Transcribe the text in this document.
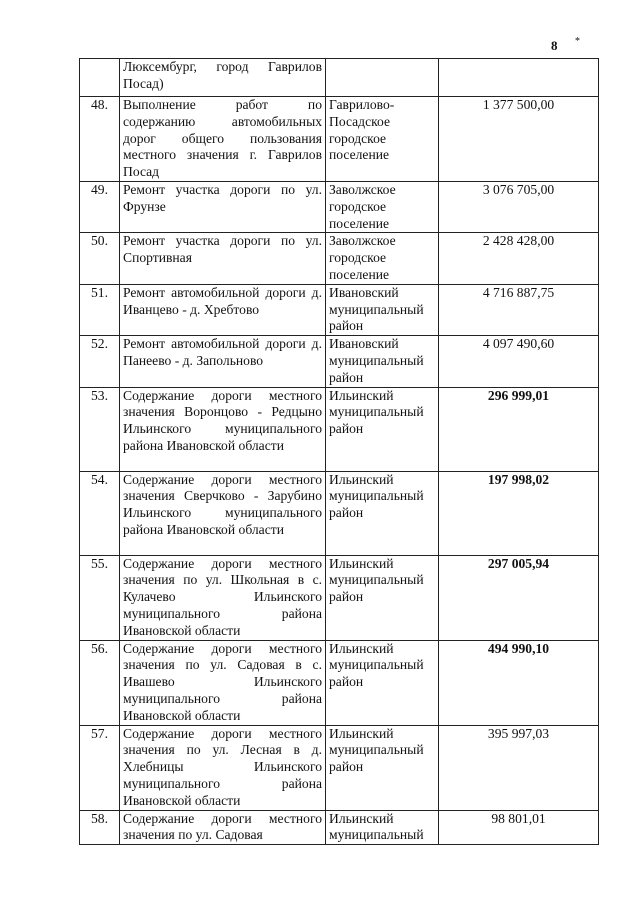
8 *
	Люксембург, город Гаврилов Посад)		
48.	Выполнение работ по содержанию автомобильных дорог общего пользования местного значения г. Гаврилов Посад	Гаврилово-Посадское городское поселение	1 377 500,00
49.	Ремонт участка дороги по ул. Фрунзе	Заволжское городское поселение	3 076 705,00
50.	Ремонт участка дороги по ул. Спортивная	Заволжское городское поселение	2 428 428,00
51.	Ремонт автомобильной дороги д. Иванцево - д. Хребтово	Ивановский муниципальный район	4 716 887,75
52.	Ремонт автомобильной дороги д. Панеево - д. Запольново	Ивановский муниципальный район	4 097 490,60
53.	Содержание дороги местного значения Воронцово - Редцыно Ильинского муниципального района Ивановской области	Ильинский муниципальный район	296 999,01
54.	Содержание дороги местного значения Сверчково - Зарубино Ильинского муниципального района Ивановской области	Ильинский муниципальный район	197 998,02
55.	Содержание дороги местного значения по ул. Школьная в с. Кулачево Ильинского муниципального района Ивановской области	Ильинский муниципальный район	297 005,94
56.	Содержание дороги местного значения по ул. Садовая в с. Ивашево Ильинского муниципального района Ивановской области	Ильинский муниципальный район	494 990,10
57.	Содержание дороги местного значения по ул. Лесная в д. Хлебницы Ильинского муниципального района Ивановской области	Ильинский муниципальный район	395 997,03
58.	Содержание дороги местного значения по ул. Садовая	Ильинский муниципальный	98 801,01
